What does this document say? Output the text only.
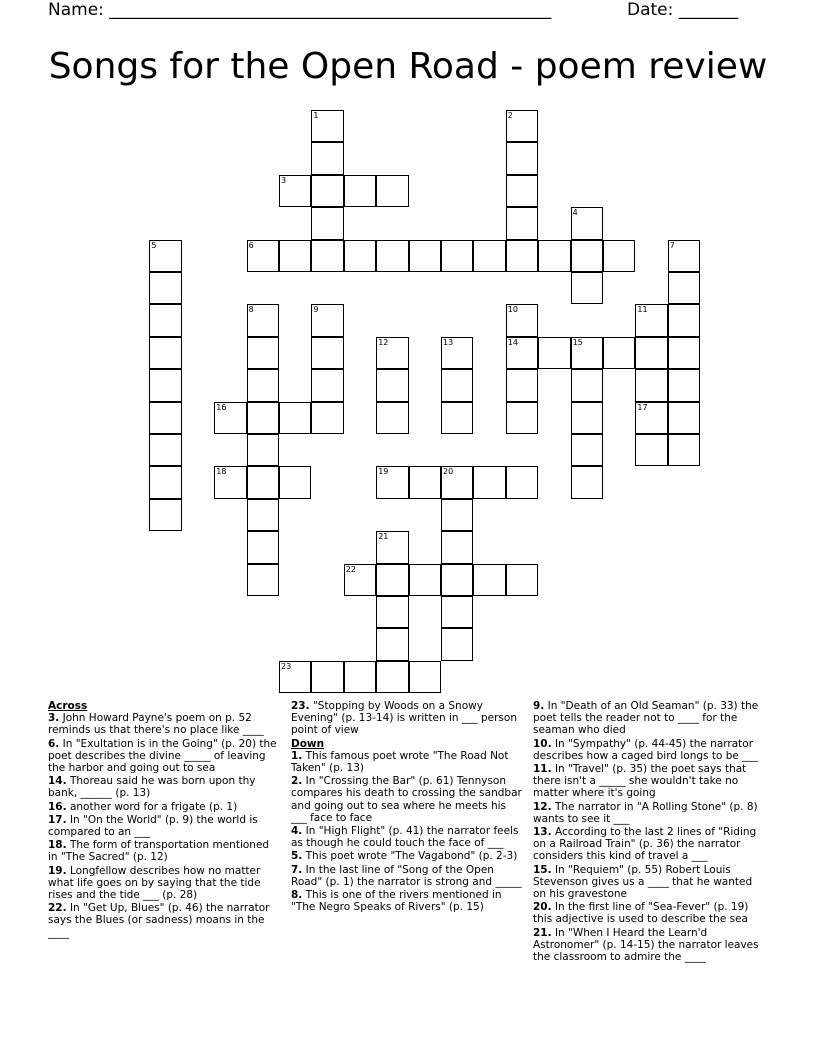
Name: ____________________________________________________	Date: _______
Songs for the Open Road - poem review
1	2
3
4
5	6	7
8	9	10	11
12	13	14	15
16	17
18	19	20
21
22
23
Across
3. John Howard Payne's poem on p. 52 reminds us that there's no place like ____
6. In "Exultation is in the Going" (p. 20) the poet describes the divine _____ of leaving the harbor and going out to sea
14. Thoreau said he was born upon thy bank, ______ (p. 13)
16. another word for a frigate (p. 1)
17. In "On the World" (p. 9) the world is compared to an ___
18. The form of transportation mentioned in "The Sacred" (p. 12)
19. Longfellow describes how no matter what life goes on by saying that the tide rises and the tide ___ (p. 28)
22. In "Get Up, Blues" (p. 46) the narrator says the Blues (or sadness) moans in the ____
23. "Stopping by Woods on a Snowy Evening" (p. 13-14) is written in ___ person point of view
Down
1. This famous poet wrote "The Road Not Taken" (p. 13)
2. In "Crossing the Bar" (p. 61) Tennyson compares his death to crossing the sandbar and going out to sea where he meets his ___ face to face
4. In "High Flight" (p. 41) the narrator feels as though he could touch the face of ___
5. This poet wrote "The Vagabond" (p. 2-3)
7. In the last line of "Song of the Open Road" (p. 1) the narrator is strong and _____
8. This is one of the rivers mentioned in "The Negro Speaks of Rivers" (p. 15)
9. In "Death of an Old Seaman" (p. 33) the poet tells the reader not to ____ for the seaman who died
10. In "Sympathy" (p. 44-45) the narrator describes how a caged bird longs to be ___
11. In "Travel" (p. 35) the poet says that there isn't a _____ she wouldn't take no matter where it's going
12. The narrator in "A Rolling Stone" (p. 8) wants to see it ___
13. According to the last 2 lines of "Riding on a Railroad Train" (p. 36) the narrator considers this kind of travel a ___
15. In "Requiem" (p. 55) Robert Louis Stevenson gives us a ____ that he wanted on his gravestone
20. In the first line of "Sea-Fever" (p. 19) this adjective is used to describe the sea
21. In "When I Heard the Learn'd Astronomer" (p. 14-15) the narrator leaves the classroom to admire the ____
